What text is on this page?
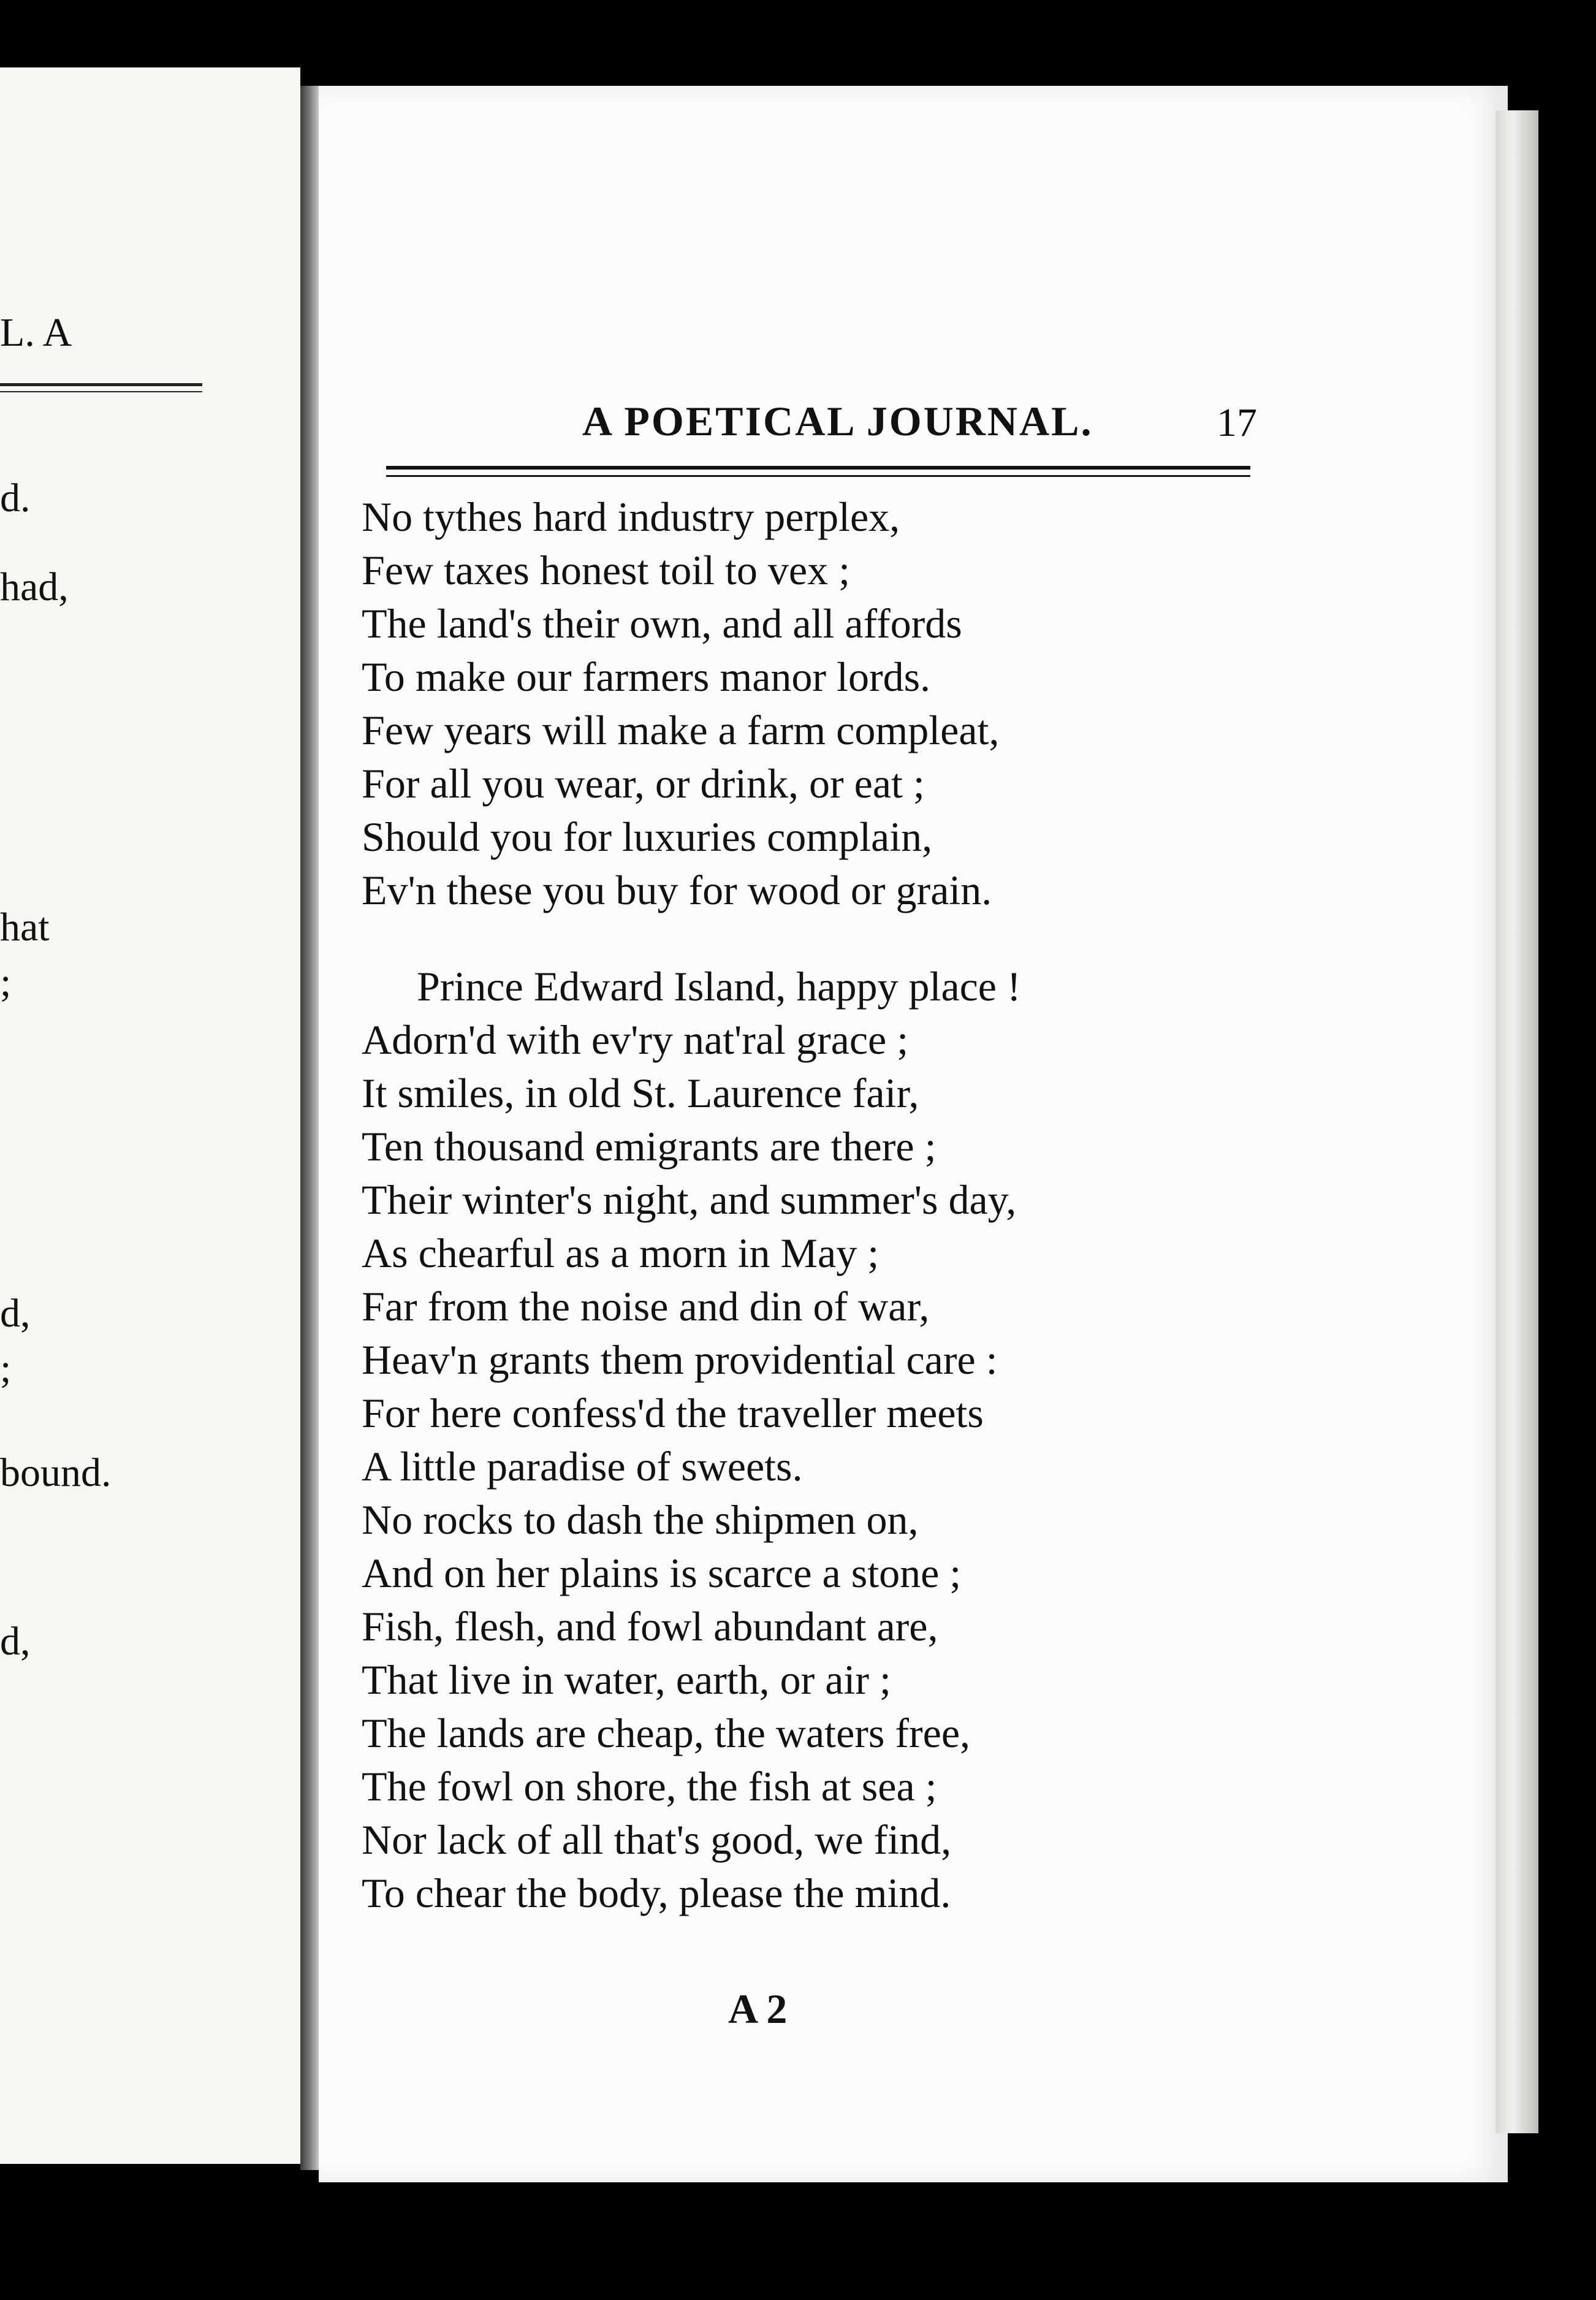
L. A
d.
had,
hat
;
d,
;
bound.
d,
A POETICAL JOURNAL.	17
No tythes hard industry perplex,
Few taxes honest toil to vex ;
The land's their own, and all affords
To make our farmers manor lords.
Few years will make a farm compleat,
For all you wear, or drink, or eat ;
Should you for luxuries complain,
Ev'n these you buy for wood or grain.
Prince Edward Island, happy place !
Adorn'd with ev'ry nat'ral grace ;
It smiles, in old St. Laurence fair,
Ten thousand emigrants are there ;
Their winter's night, and summer's day,
As chearful as a morn in May ;
Far from the noise and din of war,
Heav'n grants them providential care :
For here confess'd the traveller meets
A little paradise of sweets.
No rocks to dash the shipmen on,
And on her plains is scarce a stone ;
Fish, flesh, and fowl abundant are,
That live in water, earth, or air ;
The lands are cheap, the waters free,
The fowl on shore, the fish at sea ;
Nor lack of all that's good, we find,
To chear the body, please the mind.
A 2
